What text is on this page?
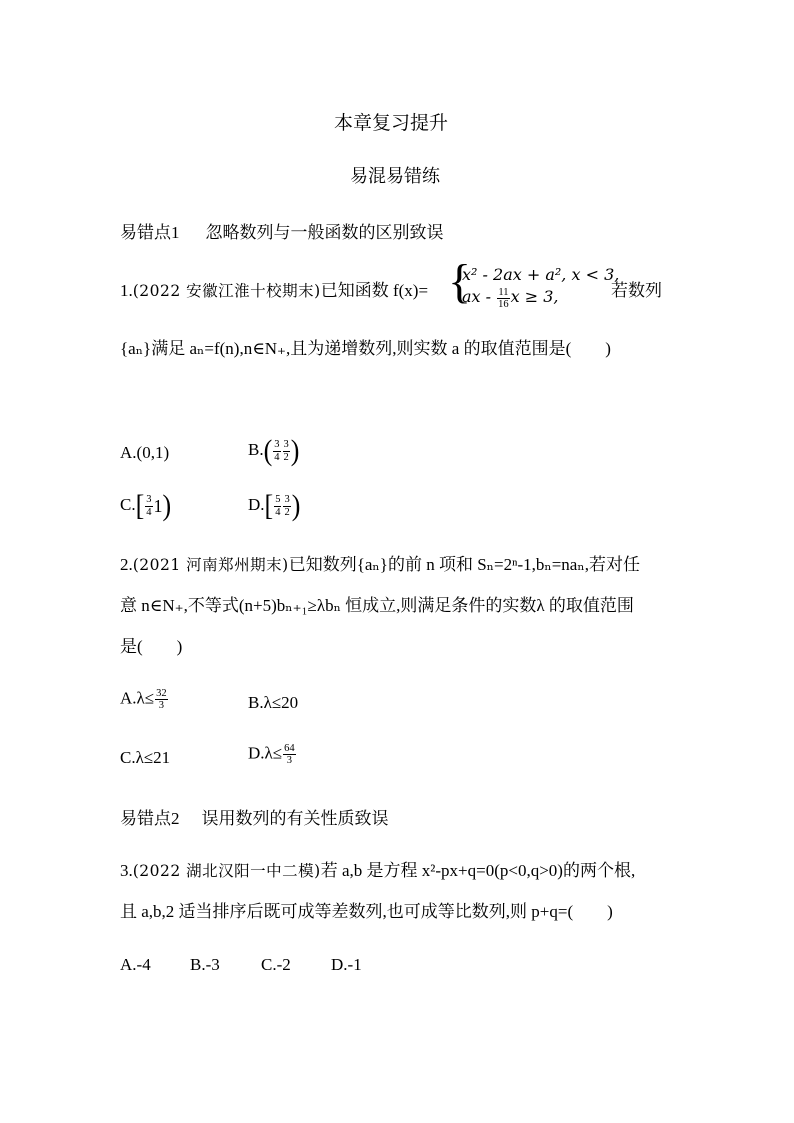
本章复习提升
易混易错练
易错点1 忽略数列与一般函数的区别致误
1.(2022 安徽江淮十校期末)已知函数 f(x)= {
x² - 2ax + a², x < 3,
ax - $\frac{11}{16}$ x ≥ 3,	若数列
{aₙ}满足 aₙ=f(n),n∈N₊,且为递增数列,则实数 a 的取值范围是(　　)
A.(0,1)	$B.( \frac{3}{4} \frac{3}{2}$ )
$C.[ \frac{3}{4} 1)$	$D.[ \frac{5}{4} \frac{3}{2}$ )
2.(2021 河南郑州期末)已知数列{aₙ}的前 n 项和 Sₙ=2ⁿ-1,bₙ=naₙ,若对任
意 n∈N₊,不等式(n+5)bₙ₊₁≥λbₙ 恒成立,则满足条件的实数λ 的取值范围
是(　　)
$A.\lambda\le \frac{32}{3}$	B.λ≤20
C.λ≤21	$D.\lambda\le \frac{64}{3}$
易错点2 误用数列的有关性质致误
3.(2022 湖北汉阳一中二模)若 a,b 是方程 x²-px+q=0(p<0,q>0)的两个根,
且 a,b,2 适当排序后既可成等差数列,也可成等比数列,则 p+q=(　　)
A.-4 B.-3 C.-2 D.-1
